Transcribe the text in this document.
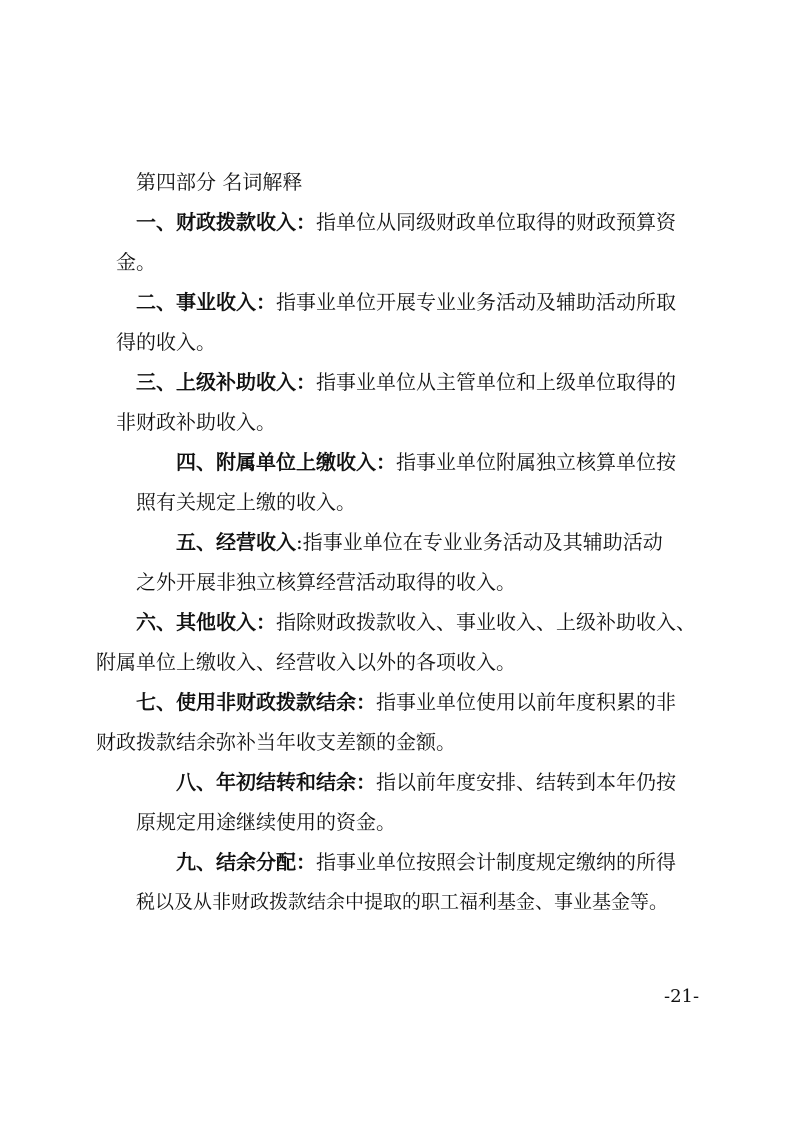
第四部分 名词解释
一、财政拨款收入：指单位从同级财政单位取得的财政预算资
金。
二、事业收入：指事业单位开展专业业务活动及辅助活动所取
得的收入。
三、上级补助收入：指事业单位从主管单位和上级单位取得的
非财政补助收入。
四、附属单位上缴收入：指事业单位附属独立核算单位按
照有关规定上缴的收入。
五、经营收入:指事业单位在专业业务活动及其辅助活动
之外开展非独立核算经营活动取得的收入。
六、其他收入：指除财政拨款收入、事业收入、上级补助收入、
附属单位上缴收入、经营收入以外的各项收入。
七、使用非财政拨款结余：指事业单位使用以前年度积累的非
财政拨款结余弥补当年收支差额的金额。
八、年初结转和结余：指以前年度安排、结转到本年仍按
原规定用途继续使用的资金。
九、结余分配：指事业单位按照会计制度规定缴纳的所得
税以及从非财政拨款结余中提取的职工福利基金、事业基金等。
-21-
